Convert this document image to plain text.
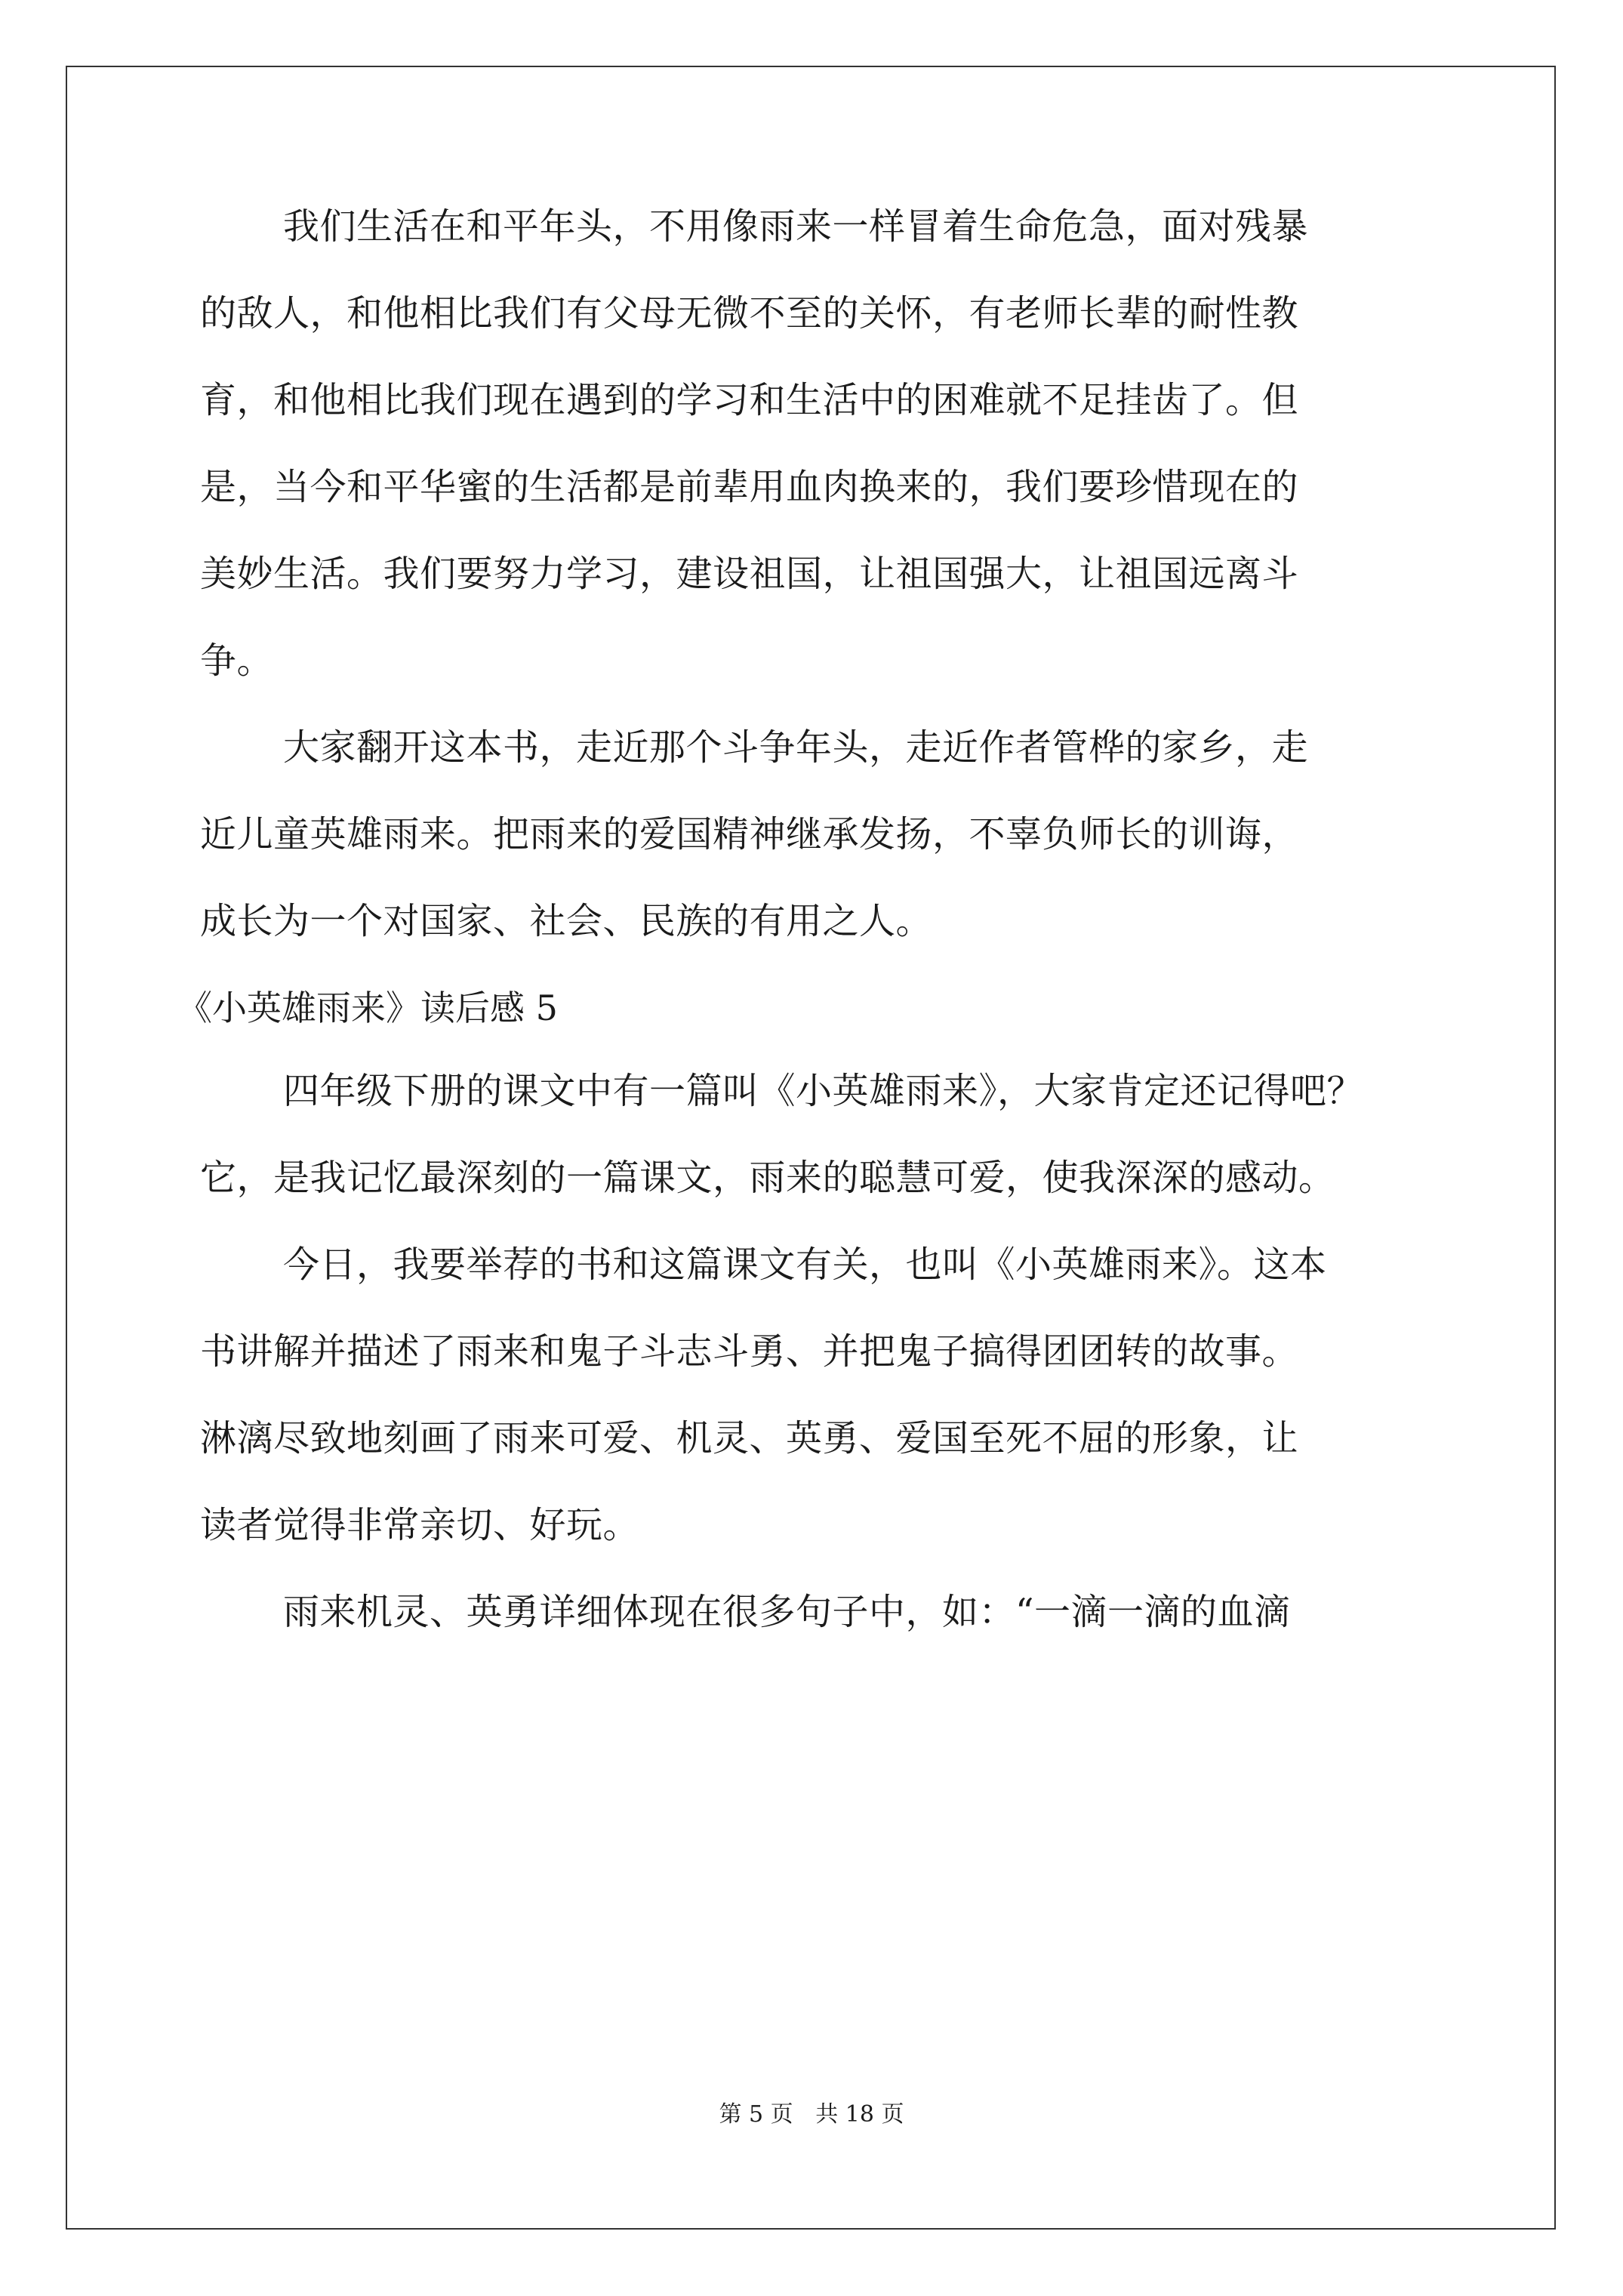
我们生活在和平年头，不用像雨来一样冒着生命危急，面对残暴
的敌人，和他相比我们有父母无微不至的关怀，有老师长辈的耐性教
育，和他相比我们现在遇到的学习和生活中的困难就不足挂齿了。但
是，当今和平华蜜的生活都是前辈用血肉换来的，我们要珍惜现在的
美妙生活。我们要努力学习，建设祖国，让祖国强大，让祖国远离斗
争。
大家翻开这本书，走近那个斗争年头，走近作者管桦的家乡，走
近儿童英雄雨来。把雨来的爱国精神继承发扬，不辜负师长的训诲，
成长为一个对国家、社会、民族的有用之人。
《小英雄雨来》读后感 5
四年级下册的课文中有一篇叫《小英雄雨来》，大家肯定还记得吧？
它，是我记忆最深刻的一篇课文，雨来的聪慧可爱，使我深深的感动。
今日，我要举荐的书和这篇课文有关，也叫《小英雄雨来》。这本
书讲解并描述了雨来和鬼子斗志斗勇、并把鬼子搞得团团转的故事。
淋漓尽致地刻画了雨来可爱、机灵、英勇、爱国至死不屈的形象，让
读者觉得非常亲切、好玩。
雨来机灵、英勇详细体现在很多句子中，如：“一滴一滴的血滴
第 5 页 共 18 页
